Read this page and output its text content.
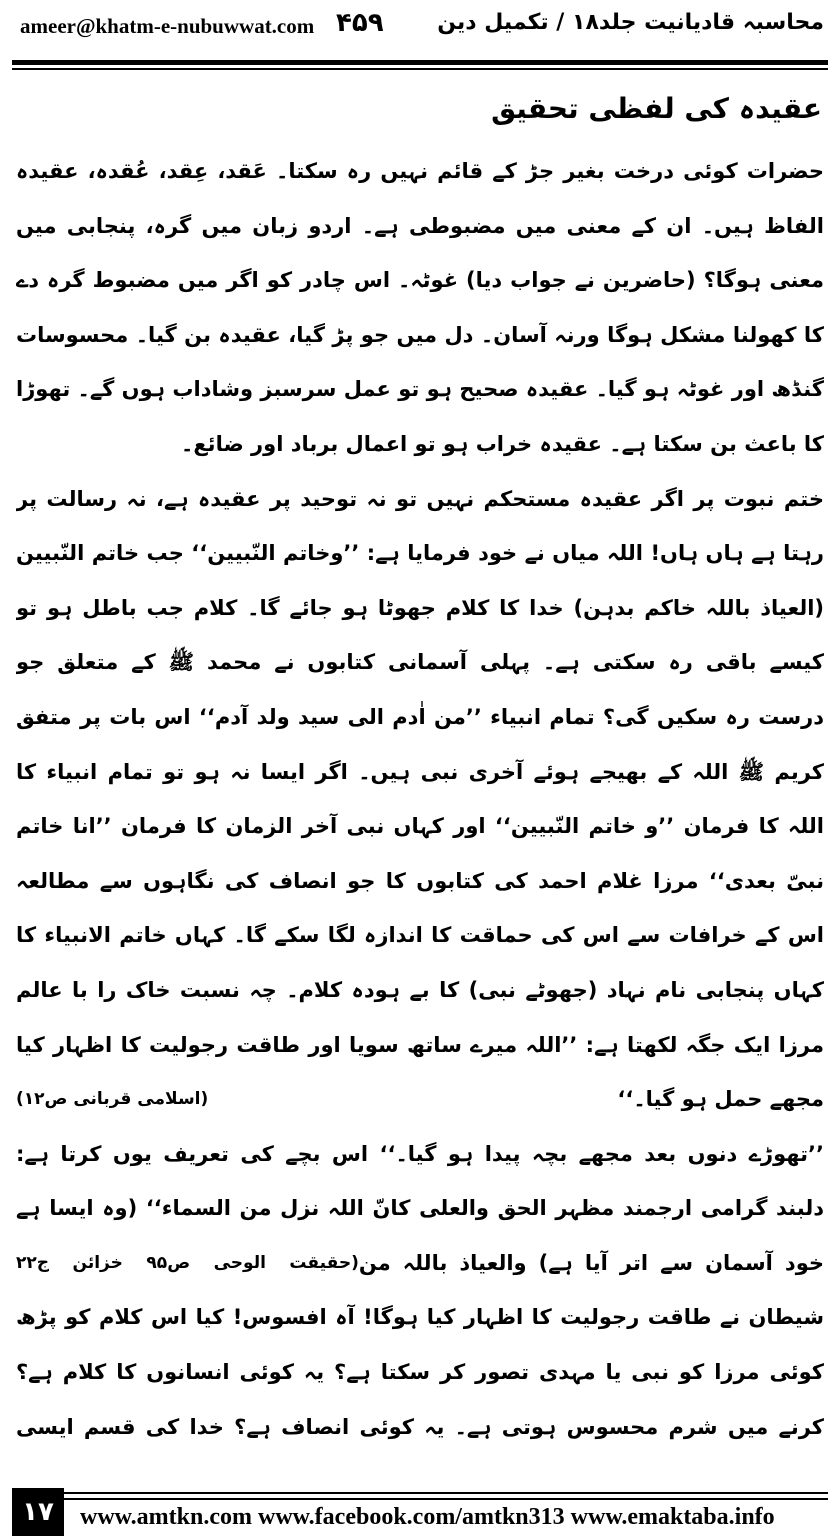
ameer@khatm-e-nubuwwat.com ۴۵۹ محاسبہ قادیانیت جلد۱۸ / تکمیل دین
عقیدہ کی لفظی تحقیق
حضرات کوئی درخت بغیر جڑ کے قائم نہیں رہ سکتا۔ عَقد، عِقد، عُقدہ، عقیدہ
الفاظ ہیں۔ ان کے معنی میں مضبوطی ہے۔ اردو زبان میں گرہ، پنجابی میں
معنی ہوگا؟ (حاضرین نے جواب دیا) غوٹہ۔ اس چادر کو اگر میں مضبوط گرہ دے
کا کھولنا مشکل ہوگا ورنہ آسان۔ دل میں جو پڑ گیا، عقیدہ بن گیا۔ محسوسات
گنڈھ اور غوٹہ ہو گیا۔ عقیدہ صحیح ہو تو عمل سرسبز وشاداب ہوں گے۔ تھوڑا
کا باعث بن سکتا ہے۔ عقیدہ خراب ہو تو اعمال برباد اور ضائع۔
ختم نبوت پر اگر عقیدہ مستحکم نہیں تو نہ توحید پر عقیدہ ہے، نہ رسالت پر
رہتا ہے ہاں ہاں! اللہ میاں نے خود فرمایا ہے: ’’وخاتم النّبیین‘‘ جب خاتم النّبیین
(العیاذ باللہ خاکم بدہن) خدا کا کلام جھوٹا ہو جائے گا۔ کلام جب باطل ہو تو
کیسے باقی رہ سکتی ہے۔ پہلی آسمانی کتابوں نے محمد ﷺ کے متعلق جو
درست رہ سکیں گی؟ تمام انبیاء ’’من اٰدم الی سید ولد آدم‘‘ اس بات پر متفق
کریم ﷺ اللہ کے بھیجے ہوئے آخری نبی ہیں۔ اگر ایسا نہ ہو تو تمام انبیاء کا
اللہ کا فرمان ’’و خاتم النّبیین‘‘ اور کہاں نبی آخر الزمان کا فرمان ’’انا خاتم
نبیّ بعدی‘‘ مرزا غلام احمد کی کتابوں کا جو انصاف کی نگاہوں سے مطالعہ
اس کے خرافات سے اس کی حماقت کا اندازہ لگا سکے گا۔ کہاں خاتم الانبیاء کا
کہاں پنجابی نام نہاد (جھوٹے نبی) کا بے ہودہ کلام۔ چہ نسبت خاک را با عالم
مرزا ایک جگہ لکھتا ہے: ’’اللہ میرے ساتھ سویا اور طاقت رجولیت کا اظہار کیا
مجھے حمل ہو گیا۔‘‘
(اسلامی قربانی ص۱۲)
’’تھوڑے دنوں بعد مجھے بچہ پیدا ہو گیا۔‘‘ اس بچے کی تعریف یوں کرتا ہے:
دلبند گرامی ارجمند مظہر الحق والعلی کانّ اللہ نزل من السماء‘‘ (وہ ایسا ہے
خود آسمان سے اتر آیا ہے) والعیاذ باللہ من
(حقیقت الوحی ص۹۵ خزائن ج۲۲
شیطان نے طاقت رجولیت کا اظہار کیا ہوگا! آہ افسوس! کیا اس کلام کو پڑھ
کوئی مرزا کو نبی یا مہدی تصور کر سکتا ہے؟ یہ کوئی انسانوں کا کلام ہے؟
کرنے میں شرم محسوس ہوتی ہے۔ یہ کوئی انصاف ہے؟ خدا کی قسم ایسی
۱۷	www.amtkn.com www.facebook.com/amtkn313 www.emaktaba.info
